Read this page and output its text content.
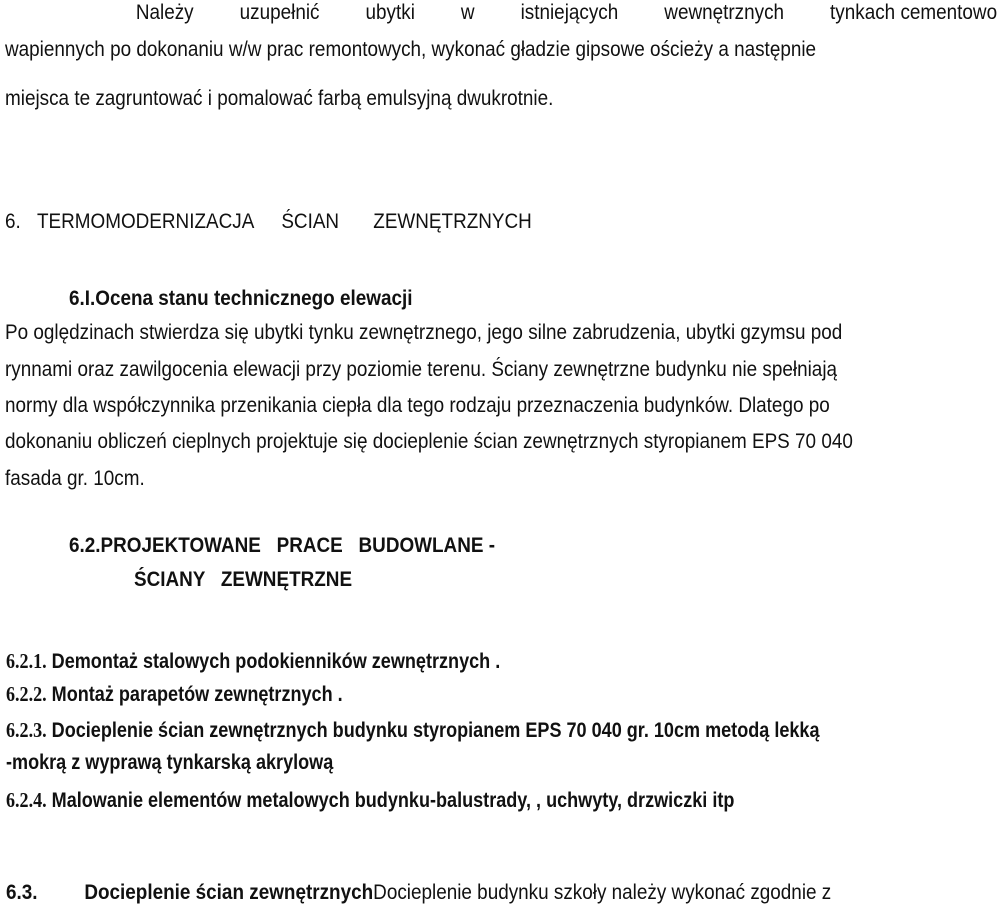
Należy uzupełnić ubytki w istniejących wewnętrznych tynkach cementowo
wapiennych po dokonaniu w/w prac remontowych, wykonać gładzie gipsowe ościeży a następnie
miejsca te zagruntować i pomalować farbą emulsyjną dwukrotnie.
6. TERMOMODERNIZACJA ŚCIAN ZEWNĘTRZNYCH
6.I.Ocena stanu technicznego elewacji
Po oględzinach stwierdza się ubytki tynku zewnętrznego, jego silne zabrudzenia, ubytki gzymsu pod
rynnami oraz zawilgocenia elewacji przy poziomie terenu. Ściany zewnętrzne budynku nie spełniają
normy dla współczynnika przenikania ciepła dla tego rodzaju przeznaczenia budynków. Dlatego po
dokonaniu obliczeń cieplnych projektuje się docieplenie ścian zewnętrznych styropianem EPS 70 040
fasada gr. 10cm.
6.2.PROJEKTOWANE   PRACE   BUDOWLANE -
ŚCIANY   ZEWNĘTRZNE
6.2.1. Demontaż stalowych podokienników zewnętrznych .
6.2.2. Montaż parapetów zewnętrznych .
6.2.3. Docieplenie ścian zewnętrznych budynku styropianem EPS 70 040 gr. 10cm metodą lekką
-mokrą z wyprawą tynkarską akrylową
6.2.4. Malowanie elementów metalowych budynku-balustrady, , uchwyty, drzwiczki itp
6.3. Docieplenie ścian zewnętrznychDocieplenie budynku szkoły należy wykonać zgodnie z
